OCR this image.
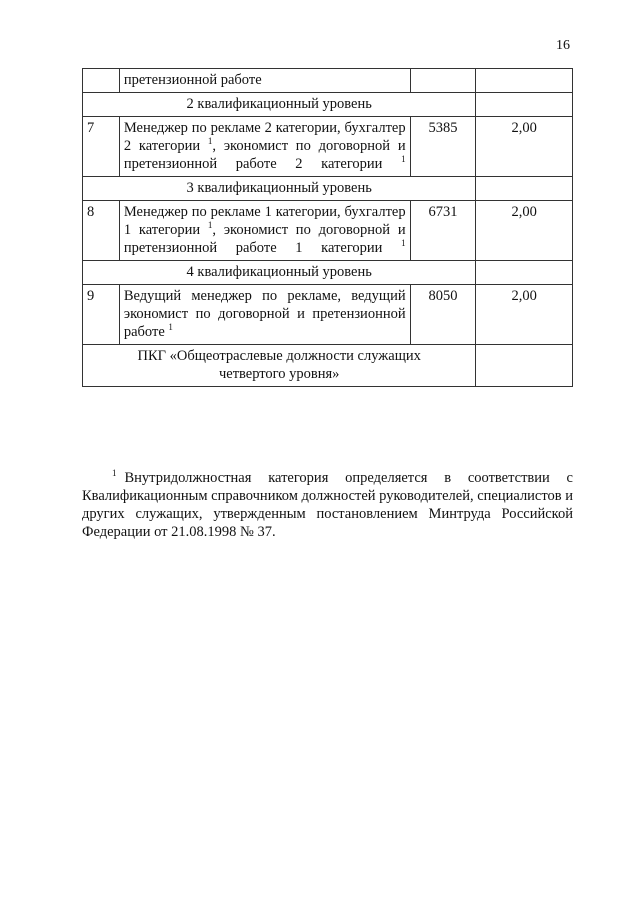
16
	претензионной работе		
2 квалификационный уровень			
7	Менеджер по рекламе 2 категории, бухгалтер 2 категории $^1$, экономист по договорной и претензионной работе 2 категории $^1$	5385	2,00
3 квалификационный уровень			
8	Менеджер по рекламе 1 категории, бухгалтер 1 категории $^1$, экономист по договорной и претензионной работе 1 категории $^1$	6731	2,00
4 квалификационный уровень			
9	Ведущий менеджер по рекламе, ведущий экономист по договорной и претензионной работе $^1$	8050	2,00
ПКГ «Общеотраслевые должности служащих
четвертого уровня»			
$^1$ Внутридолжностная категория определяется в соответствии с Квалификационным справочником должностей руководителей, специалистов и других служащих, утвержденным постановлением Минтруда Российской Федерации от 21.08.1998 № 37.
